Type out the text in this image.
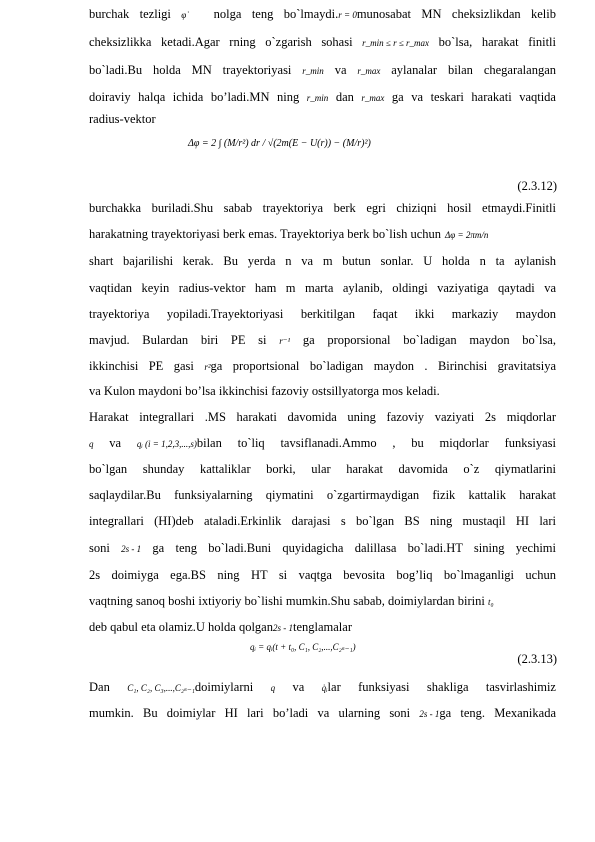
burchak tezligi φ̇ nolga teng bo`lmaydi.r = 0munosabat MN cheksizlikdan kelib
cheksizlikka ketadi.Agar rning o`zgarish sohasi r_min ≤ r ≤ r_max bo`lsa, harakat finitli
bo`ladi.Bu holda MN trayektoriyasi r_min va r_max aylanalar bilan chegaralangan
doiraviy halqa ichida bo’ladi.MN ning r_min dan r_max ga va teskari harakati vaqtida
radius-vektor
Δφ = 2 ∫ (M/r²) dr / √(2m(E − U(r)) − (M/r)²)
(2.3.12)
burchakka buriladi.Shu sabab trayektoriya berk egri chiziqni hosil etmaydi.Finitli
harakatning trayektoriyasi berk emas. Trayektoriya berk bo`lish uchun Δφ = 2πm/n
shart bajarilishi kerak. Bu yerda n va m butun sonlar. U holda n ta aylanish
vaqtidan keyin radius-vektor ham m marta aylanib, oldingi vaziyatiga qaytadi va
trayektoriya yopiladi.Trayektoriyasi berkitilgan faqat ikki markaziy maydon
mavjud. Bulardan biri PE si r⁻¹ ga proporsional bo`ladigan maydon bo`lsa,
ikkinchisi PE gasi r²ga proportsional bo`ladigan maydon . Birinchisi gravitatsiya
va Kulon maydoni bo’lsa ikkinchisi fazoviy ostsillyatorga mos keladi.
Harakat integrallari .MS harakati davomida uning fazoviy vaziyati 2s miqdorlar
q va qᵢ (i = 1,2,3,...,s)bilan to`liq tavsiflanadi.Ammo , bu miqdorlar funksiyasi
bo`lgan shunday kattaliklar borki, ular harakat davomida o`z qiymatlarini
saqlaydilar.Bu funksiyalarning qiymatini o`zgartirmaydigan fizik kattalik harakat
integrallari (HI)deb ataladi.Erkinlik darajasi s bo`lgan BS ning mustaqil HI lari
soni 2s - 1 ga teng bo`ladi.Buni quyidagicha dalillasa bo`ladi.HT sining yechimi
2s doimiyga ega.BS ning HT si vaqtga bevosita bog’liq bo`lmaganligi uchun
vaqtning sanoq boshi ixtiyoriy bo`lishi mumkin.Shu sabab, doimiylardan birini t₀
deb qabul eta olamiz.U holda qolgan2s - 1tenglamalar
qᵢ = qᵢ(t + t₀, C₁, C₂,...,C₂ₛ₋₁)
(2.3.13)
Dan C₁, C₂, C₃,...,C₂ₛ₋₁doimiylarni q va q̇ᵢlar funksiyasi shakliga tasvirlashimiz
mumkin. Bu doimiylar HI lari bo’ladi va ularning soni 2s - 1ga teng. Mexanikada
